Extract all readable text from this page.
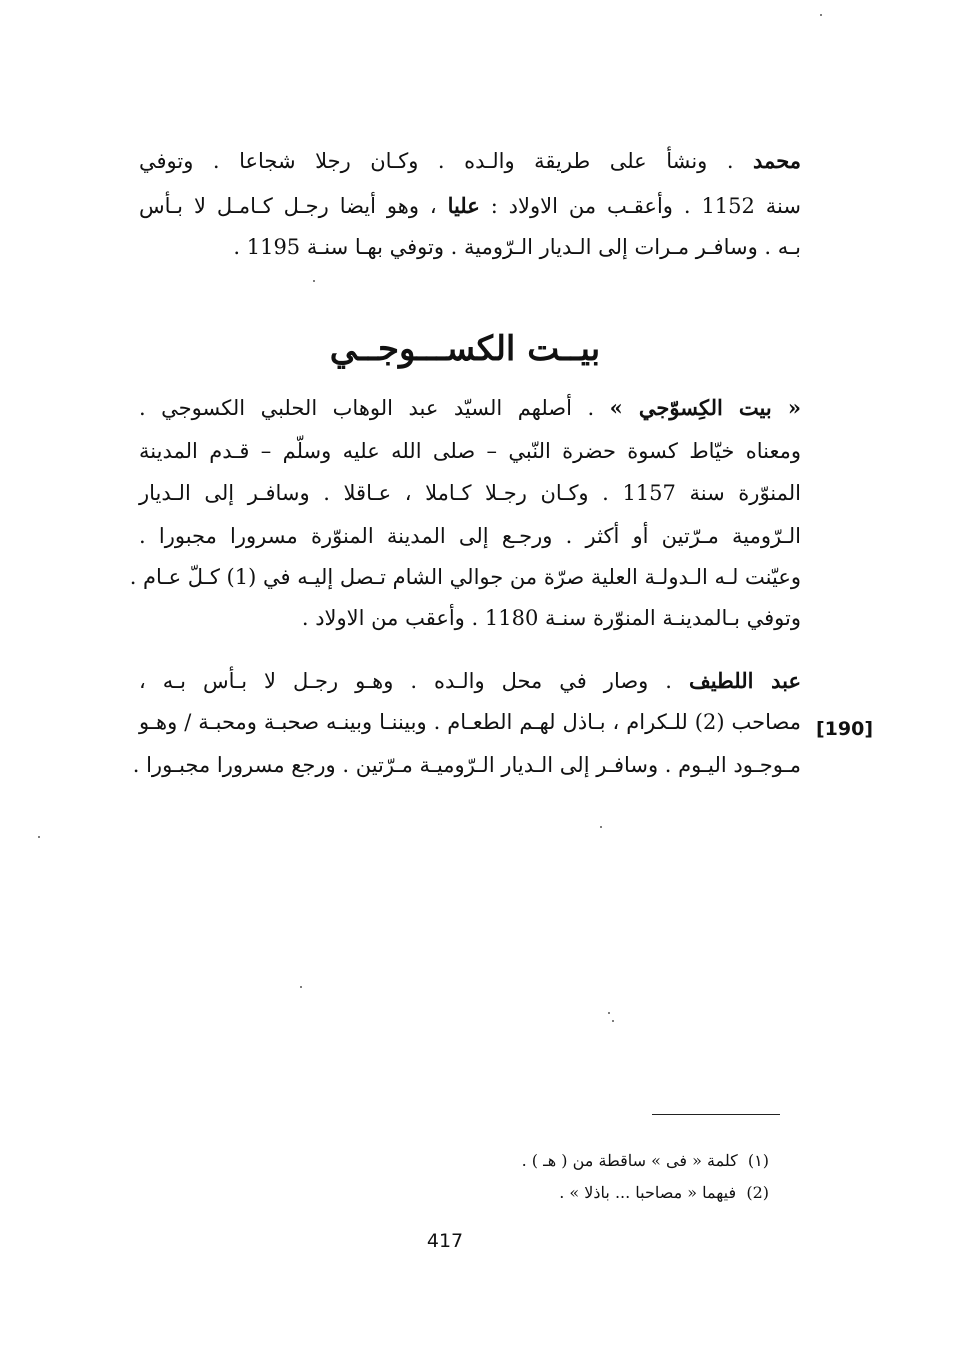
محمد . ونشأ على طريقة والـده . وكـان رجلا شجاعا . وتوفي
سنة 1152 . وأعقـب من الاولاد : عليا ، وهو أيضا رجـل كـامـل لا بـأس
بـه . وسافـر مـرات إلى الـديار الـرّومية . وتوفي بهـا سنـة 1195 .
بيــت الكســـوجــي
« بيت الكِسوّجي » . أصلهم السيّد عبد الوهاب الحلبي الكسوجي .
ومعناه خيّاط كسوة حضرة النّبي – صلى الله عليه وسلّم – قـدم المدينة
المنوّرة سنة 1157 . وكـان رجـلا كـاملا ، عـاقلا . وسافـر إلى الـديار
الـرّومية مـرّتين أو أكثر . ورجـع إلى المدينة المنوّرة مسرورا مجبورا .
وعيّنت لـه الـدولـة العلية صرّة من جوالي الشام تـصل إليـه في (1) كـلّ عـام .
وتوفي بـالمدينـة المنوّرة سنـة 1180 . وأعقب من الاولاد .
عبد اللطيف . وصار في محل والـده . وهـو رجـل لا بـأس بـه ،
مصاحب (2) للـكرام ، بـاذل لهـم الطعـام . وبيننـا وبينـه صحبـة ومحبـة / وهـو
مـوجـود اليـوم . وسافـر إلى الـديار الـرّوميـة مـرّتين . ورجع مسرورا مجبـورا .
[190]
(١)  كلمة « فى » ساقطة من ( هـ ) .
(2)  فيهما « مصاحبا ... باذلا » .
417
